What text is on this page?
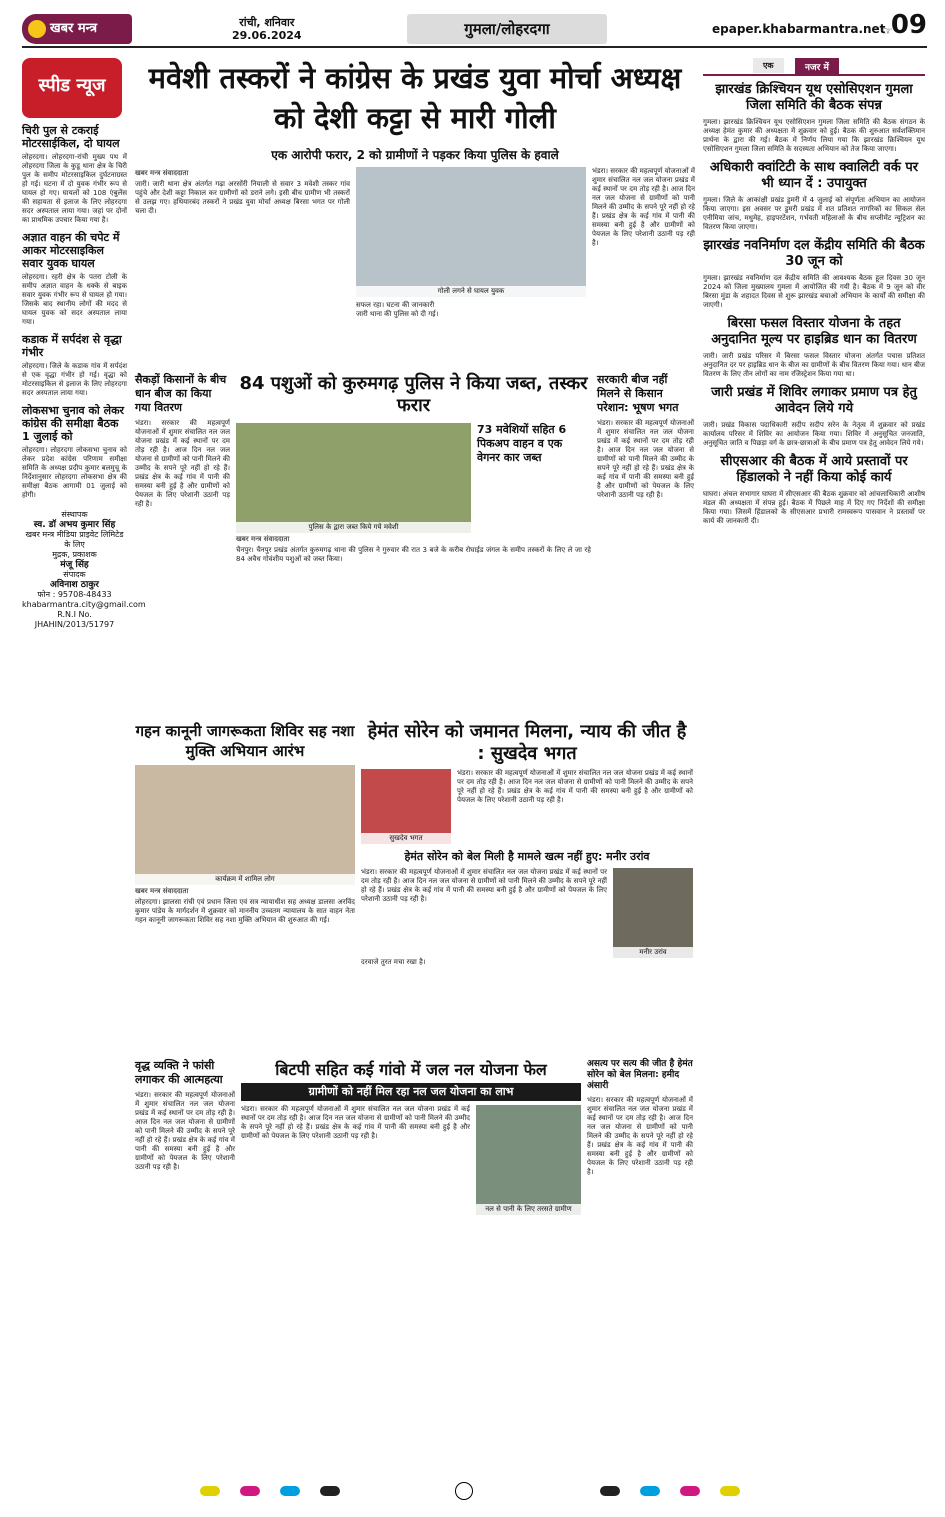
खबर मन्त्र	रांची, शनिवार
29.06.2024	गुमला/लोहरदगा	epaper.khabarmantra.net
☞
09
स्पीड न्यूज
चिरी पुल से टकराई मोटरसाईकिल, दो घायल
लोहरदगा। लोहरदगा-रांची मुख्य पथ में लोहरदगा जिला के कुडू थाना क्षेत्र के चिरी पुल के समीप मोटरसाइकिल दुर्घटनाग्रस्त हो गई। घटना में दो युवक गंभीर रूप से घायल हो गए। घायलों को 108 एंबुलेंस की सहायता से इलाज के लिए लोहरदगा सदर अस्पताल लाया गया। जहां पर दोनों का प्राथमिक उपचार किया गया है।
अज्ञात वाहन की चपेट में आकर मोटरसाइकिल सवार युवक घायल
लोहरदगा। रहरी क्षेत्र के पतरा टोली के समीप अज्ञात वाहन के धक्के से बाइक सवार युवक गंभीर रूप से घायल हो गया। जिसके बाद स्थानीय लोगों की मदद से घायल युवक को सदर अस्पताल लाया गया।
कडाक में सर्पदंश से वृद्धा गंभीर
लोहरदगा। जिले के कडाक गांव में सर्पदंश से एक वृद्धा गंभीर हो गई। वृद्धा को मोटरसाइकिल से इलाज के लिए लोहरदगा सदर अस्पताल लाया गया।
लोकसभा चुनाव को लेकर कांग्रेस की समीक्षा बैठक 1 जुलाई को
लोहरदगा। लोहरदगा लोकसभा चुनाव को लेकर प्रदेश कांग्रेस परिणाम समीक्षा समिति के अध्यक्ष प्रदीप कुमार बलमुचू के निर्देशानुसार लोहरदगा लोकसभा क्षेत्र की समीक्षा बैठक आगामी 01 जुलाई को होगी।
संस्थापक
स्व. डॉ अभय कुमार सिंह
खबर मन्त्र मीडिया प्राइवेट लिमिटेड के लिए
मुद्रक, प्रकाशक
मंजू सिंह
संपादक
अविनाश ठाकुर
फोन : 95708-48433
khabarmantra.city@gmail.com
R.N.I No. JHAHIN/2013/51797
मवेशी तस्करों ने कांग्रेस के प्रखंड युवा मोर्चा अध्यक्ष को देशी कट्टा से मारी गोली
एक आरोपी फरार, 2 को ग्रामीणों ने पड़कर किया पुलिस के हवाले
खबर मन्त्र संवाददाता
जारी। जारी थाना क्षेत्र अंतर्गत गढ़ा अरसोंरी नियाली से सवार 3 मवेशी तस्कर गांव पहुंचे और देशी कट्टा निकाल कर ग्रामीणों को डराने लगे। इसी बीच ग्रामीण भी तस्करों से उलझ गए। हथियारबंद तस्करों ने प्रखंड युवा मोर्चा अध्यक्ष बिरसा भगत पर गोली चला दी।
गोली लगने से घायल युवक
सफल रहा। घटना की जानकारी
जारी थाना की पुलिस को दी गई।
भंडरा। सरकार की महत्वपूर्ण योजनाओं में शुमार संचालित नल जल योजना प्रखंड में कई स्थानों पर दम तोड़ रही है। आज दिन नल जल योजना से ग्रामीणों को पानी मिलने की उम्मीद के सपने पूरे नहीं हो रहे हैं। प्रखंड क्षेत्र के कई गांव में पानी की समस्या बनी हुई है और ग्रामीणों को पेयजल के लिए परेशानी उठानी पड़ रही है।
सैकड़ों किसानों के बीच धान बीज का किया गया वितरण
भंडरा। सरकार की महत्वपूर्ण योजनाओं में शुमार संचालित नल जल योजना प्रखंड में कई स्थानों पर दम तोड़ रही है। आज दिन नल जल योजना से ग्रामीणों को पानी मिलने की उम्मीद के सपने पूरे नहीं हो रहे हैं। प्रखंड क्षेत्र के कई गांव में पानी की समस्या बनी हुई है और ग्रामीणों को पेयजल के लिए परेशानी उठानी पड़ रही है।
84 पशुओं को कुरुमगढ़ पुलिस ने किया जब्त, तस्कर फरार
पुलिस के द्वारा जब्त किये गये मवेशी
73 मवेशियों सहित 6 पिकअप वाहन व एक वेगनर कार जब्त
खबर मन्त्र संवाददाता
चैनपुर। चैनपुर प्रखंड अंतर्गत कुरुमगढ़ थाना की पुलिस ने गुरुवार की रात 3 बजे के करीब रोघाईड जंगल के समीप तस्करों के लिए ले जा रहे 84 अवैध गोवंशीय पशुओं को जब्त किया।
सरकारी बीज नहीं मिलने से किसान परेशान: भूषण भगत
भंडरा। सरकार की महत्वपूर्ण योजनाओं में शुमार संचालित नल जल योजना प्रखंड में कई स्थानों पर दम तोड़ रही है। आज दिन नल जल योजना से ग्रामीणों को पानी मिलने की उम्मीद के सपने पूरे नहीं हो रहे हैं। प्रखंड क्षेत्र के कई गांव में पानी की समस्या बनी हुई है और ग्रामीणों को पेयजल के लिए परेशानी उठानी पड़ रही है।
गहन कानूनी जागरूकता शिविर सह नशा मुक्ति अभियान आरंभ
कार्यक्रम में शामिल लोग
खबर मन्त्र संवाददाता
लोहरदगा। झालसा रांची एवं प्रधान जिला एवं सत्र न्यायाधीश सह अध्यक्ष डालसा अरविंद कुमार पांडेय के मार्गदर्शन में शुक्रवार को माननीय उच्चतम न्यायालय के सात वाहन नेता गहन कानूनी जागरूकता शिविर सह नशा मुक्ति अभियान की शुरुआत की गई।
हेमंत सोरेन को जमानत मिलना, न्याय की जीत है : सुखदेव भगत
सुखदेव भगत
भंडरा। सरकार की महत्वपूर्ण योजनाओं में शुमार संचालित नल जल योजना प्रखंड में कई स्थानों पर दम तोड़ रही है। आज दिन नल जल योजना से ग्रामीणों को पानी मिलने की उम्मीद के सपने पूरे नहीं हो रहे हैं। प्रखंड क्षेत्र के कई गांव में पानी की समस्या बनी हुई है और ग्रामीणों को पेयजल के लिए परेशानी उठानी पड़ रही है।
हेमंत सोरेन को बेल मिली है मामले खत्म नहीं हुए: मनीर उरांव
भंडरा। सरकार की महत्वपूर्ण योजनाओं में शुमार संचालित नल जल योजना प्रखंड में कई स्थानों पर दम तोड़ रही है। आज दिन नल जल योजना से ग्रामीणों को पानी मिलने की उम्मीद के सपने पूरे नहीं हो रहे हैं। प्रखंड क्षेत्र के कई गांव में पानी की समस्या बनी हुई है और ग्रामीणों को पेयजल के लिए परेशानी उठानी पड़ रही है।
मनीर उरांव
दरवाजे तुरत मचा रखा है।
वृद्ध व्यक्ति ने फांसी लगाकर की आत्महत्या
भंडरा। सरकार की महत्वपूर्ण योजनाओं में शुमार संचालित नल जल योजना प्रखंड में कई स्थानों पर दम तोड़ रही है। आज दिन नल जल योजना से ग्रामीणों को पानी मिलने की उम्मीद के सपने पूरे नहीं हो रहे हैं। प्रखंड क्षेत्र के कई गांव में पानी की समस्या बनी हुई है और ग्रामीणों को पेयजल के लिए परेशानी उठानी पड़ रही है।
बिटपी सहित कई गांवो में जल नल योजना फेल
ग्रामीणों को नहीं मिल रहा नल जल योजना का लाभ
भंडरा। सरकार की महत्वपूर्ण योजनाओं में शुमार संचालित नल जल योजना प्रखंड में कई स्थानों पर दम तोड़ रही है। आज दिन नल जल योजना से ग्रामीणों को पानी मिलने की उम्मीद के सपने पूरे नहीं हो रहे हैं। प्रखंड क्षेत्र के कई गांव में पानी की समस्या बनी हुई है और ग्रामीणों को पेयजल के लिए परेशानी उठानी पड़ रही है।
नल से पानी के लिए तरसते ग्रामीण
असत्य पर सत्य की जीत है हेमंत सोरेन को बेल मिलना: हमीद अंसारी
भंडरा। सरकार की महत्वपूर्ण योजनाओं में शुमार संचालित नल जल योजना प्रखंड में कई स्थानों पर दम तोड़ रही है। आज दिन नल जल योजना से ग्रामीणों को पानी मिलने की उम्मीद के सपने पूरे नहीं हो रहे हैं। प्रखंड क्षेत्र के कई गांव में पानी की समस्या बनी हुई है और ग्रामीणों को पेयजल के लिए परेशानी उठानी पड़ रही है।
एक	नजर में
झारखंड क्रिश्चियन यूथ एसोसिएशन गुमला जिला समिति की बैठक संपन्न
गुमला। झारखंड क्रिश्चियन यूथ एसोसिएशन गुमला जिला समिति की बैठक संगठन के अध्यक्ष हेमंत कुमार की अध्यक्षता में शुक्रवार को हुई। बैठक की शुरुआत सर्वशक्तिमान प्रार्थना के द्वारा की गई। बैठक में निर्णय लिया गया कि झारखंड क्रिश्चियन यूथ एसोसिएशन गुमला जिला समिति के सदस्यता अभियान को तेज किया जाएगा।
अधिकारी क्वांटिटी के साथ क्वालिटी वर्क पर भी ध्यान दें : उपायुक्त
गुमला। जिले के आकांक्षी प्रखंड डुमरी में 4 जुलाई को संपूर्णता अभियान का आयोजन किया जाएगा। इस अवसर पर डुमरी प्रखंड में शत प्रतिशत नागरिकों का सिकल सेल एनीमिया जांच, मधुमेह, हाइपरटेंशन, गर्भवती महिलाओं के बीच सप्लीमेंट न्यूट्रिशन का वितरण किया जाएगा।
झारखंड नवनिर्माण दल केंद्रीय समिति की बैठक 30 जून को
गुमला। झारखंड नवनिर्माण दल केंद्रीय समिति की आवश्यक बैठक हूल दिवस 30 जून 2024 को जिला मुख्यालय गुमला में आयोजित की गयी है। बैठक में 9 जून को वीर बिरसा मुंडा के शहादत दिवस से शुरू झारखंड बचाओ अभियान के कार्यों की समीक्षा की जाएगी।
बिरसा फसल विस्तार योजना के तहत अनुदानित मूल्य पर हाइब्रिड धान का वितरण
जारी। जारी प्रखंड परिसर में बिरसा फसल विस्तार योजना अंतर्गत पचास प्रतिशत अनुदानित दर पर हाइब्रिड धान के बीज का ग्रामीणों के बीच वितरण किया गया। धान बीज वितरण के लिए तीन लोगों का नाम रजिस्ट्रेशन किया गया था।
जारी प्रखंड में शिविर लगाकर प्रमाण पत्र हेतु आवेदन लिये गये
जारी। प्रखंड विकास पदाधिकारी सदीप सदीप सरेन के नेतृत्व में शुक्रवार को प्रखंड कार्यालय परिसर में शिविर का आयोजन किया गया। शिविर में अनुसूचित जनजाति, अनुसूचित जाति व पिछड़ा वर्ग के छात्र-छात्राओं के बीच प्रमाण पत्र हेतु आवेदन लिये गये।
सीएसआर की बैठक में आये प्रस्तावों पर हिंडालको ने नहीं किया कोई कार्य
घाघरा। अंचल सभागार घाघरा में सीएसआर की बैठक शुक्रवार को आंचलाधिकारी आशीष मंडल की अध्यक्षता में संपन्न हुई। बैठक में पिछले माह में दिए गए निर्देशों की समीक्षा किया गया। जिसमें हिंडालको के सीएसआर प्रभारी रामस्वरूप पासवान ने प्रस्तावों पर कार्य की जानकारी दी।
